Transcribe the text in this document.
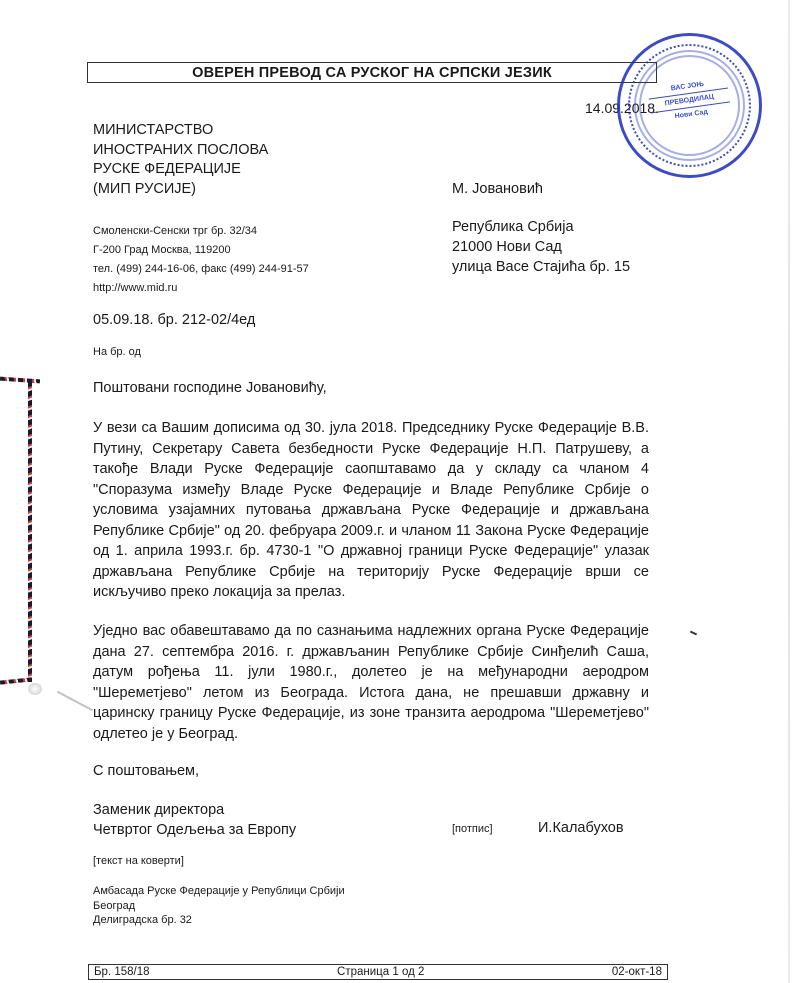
ОВЕРЕН ПРЕВОД СА РУСКОГ НА СРПСКИ ЈЕЗИК
14.09.2018.
ВАС ЈОЊ
ПРЕВОДИЛАЦ
Нови Сад
МИНИСТАРСТВО
ИНОСТРАНИХ ПОСЛОВА
РУСКЕ ФЕДЕРАЦИЈЕ
(МИП РУСИЈЕ)	М. Јовановић
Смоленски-Сенски трг бр. 32/34
Г-200 Град Москва, 119200
тел. (499) 244-16-06, факс (499) 244-91-57
http://www.mid.ru
Република Србија
21000 Нови Сад
улица Васе Стајића бр. 15
05.09.18. бр. 212-02/4ед
На бр. од
Поштовани господине Јовановићу,
У вези са Вашим дописима од 30. јула 2018. Председнику Руске Федерације В.В. Путину, Секретару Савета безбедности Руске Федерације Н.П. Патрушеву, а такође Влади Руске Федерације саопштавамо да у складу са чланом 4 "Споразума између Владе Руске Федерације и Владе Републике Србије о условима узајамних путовања држављана Руске Федерације и држављана Републике Србије" од 20. фебруара 2009.г. и чланом 11 Закона Руске Федерације од 1. априла 1993.г. бр. 4730-1 "О државној граници Руске Федерације" улазак држављана Републике Србије на територију Руске Федерације врши се искључиво преко локација за прелаз.
Уједно вас обавештавамо да по сазнањима надлежних органа Руске Федерације дана 27. септембра 2016. г. држављанин Републике Србије Синђелић Саша, датум рођења 11. јули 1980.г., долетео је на међународни аеродром "Шереметјево" летом из Београда. Истога дана, не прешавши државну и царинску границу Руске Федерације, из зоне транзита аеродрома "Шереметјево" одлетео је у Београд.
С поштовањем,
Заменик директора
Четвртог Одељења за Европу	[потпис]	И.Калабухов
[текст на коверти]
Амбасада Руске Федерације у Републици Србији
Београд
Делиградска бр. 32
Бр. 158/18	Страница 1 од 2	02-окт-18
